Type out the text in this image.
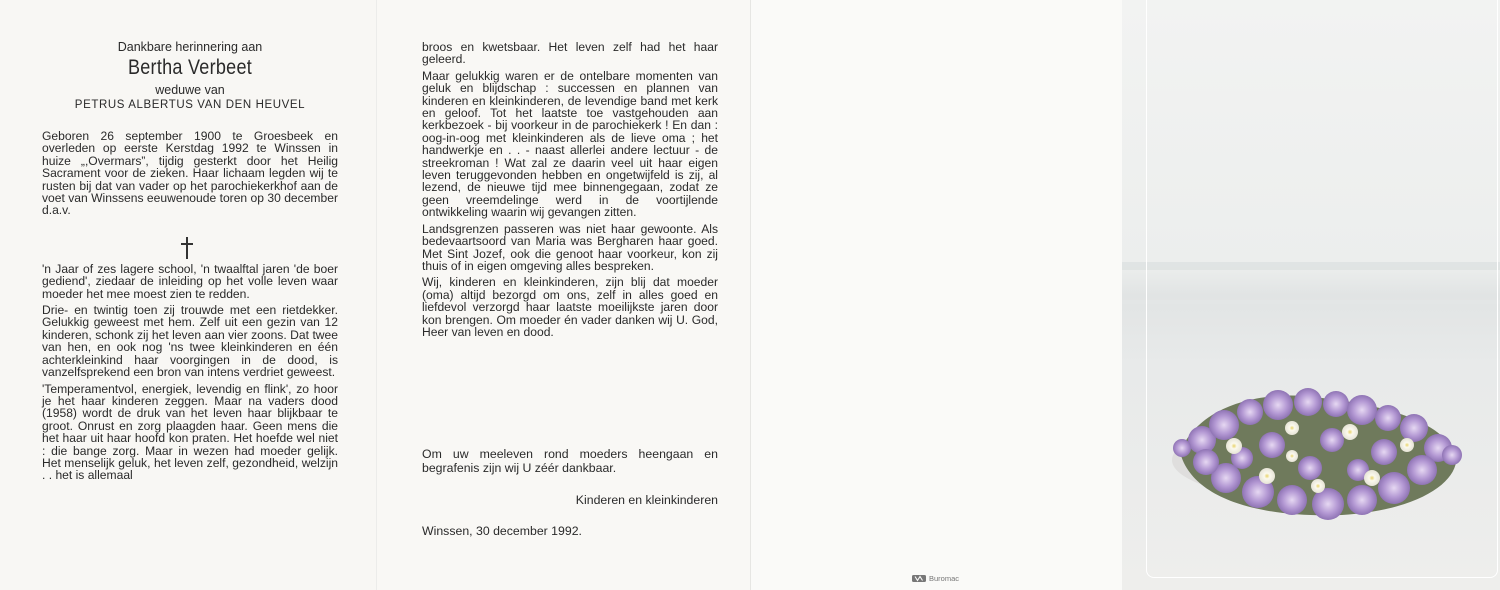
Dankbare herinnering aan
Bertha Verbeet
weduwe van
PETRUS ALBERTUS VAN DEN HEUVEL

Geboren 26 september 1900 te Groesbeek en overleden op eerste Kerstdag 1992 te Winssen in huize „,Overmars”, tijdig gesterkt door het Heilig Sacrament voor de zieken. Haar lichaam legden wij te rusten bij dat van vader op het parochiekerkhof aan de voet van Winssens eeuwenoude toren op 30 december d.a.v.

'n Jaar of zes lagere school, 'n twaalftal jaren 'de boer gediend', ziedaar de inleiding op het volle leven waar moeder het mee moest zien te redden.

Drie- en twintig toen zij trouwde met een rietdekker. Gelukkig geweest met hem. Zelf uit een gezin van 12 kinderen, schonk zij het leven aan vier zoons. Dat twee van hen, en ook nog 'ns twee kleinkinderen en één achterkleinkind haar voorgingen in de dood, is vanzelfsprekend een bron van intens verdriet geweest.

'Temperamentvol, energiek, levendig en flink', zo hoor je het haar kinderen zeggen. Maar na vaders dood (1958) wordt de druk van het leven haar blijkbaar te groot. Onrust en zorg plaagden haar. Geen mens die het haar uit haar hoofd kon praten. Het hoefde wel niet : die bange zorg. Maar in wezen had moeder gelijk. Het menselijk geluk, het leven zelf, gezondheid, welzijn . . het is allemaal

broos en kwetsbaar. Het leven zelf had het haar geleerd.

Maar gelukkig waren er de ontelbare momenten van geluk en blijdschap : successen en plannen van kinderen en kleinkinderen, de levendige band met kerk en geloof. Tot het laatste toe vastgehouden aan kerkbezoek - bij voorkeur in de parochiekerk ! En dan : oog-in-oog met kleinkinderen als de lieve oma ; het handwerkje en . . - naast allerlei andere lectuur - de streekroman ! Wat zal ze daarin veel uit haar eigen leven teruggevonden hebben en ongetwijfeld is zij, al lezend, de nieuwe tijd mee binnengegaan, zodat ze geen vreemdelinge werd in de voortijlende ontwikkeling waarin wij gevangen zitten.

Landsgrenzen passeren was niet haar gewoonte. Als bedevaartsoord van Maria was Bergharen haar goed. Met Sint Jozef, ook die genoot haar voorkeur, kon zij thuis of in eigen omgeving alles bespreken.

Wij, kinderen en kleinkinderen, zijn blij dat moeder (oma) altijd bezorgd om ons, zelf in alles goed en liefdevol verzorgd haar laatste moeilijkste jaren door kon brengen. Om moeder én vader danken wij U. God, Heer van leven en dood.

Om uw meeleven rond moeders heengaan en begrafenis zijn wij U zéér dankbaar.
Kinderen en kleinkinderen
Winssen, 30 december 1992.
Buromac
